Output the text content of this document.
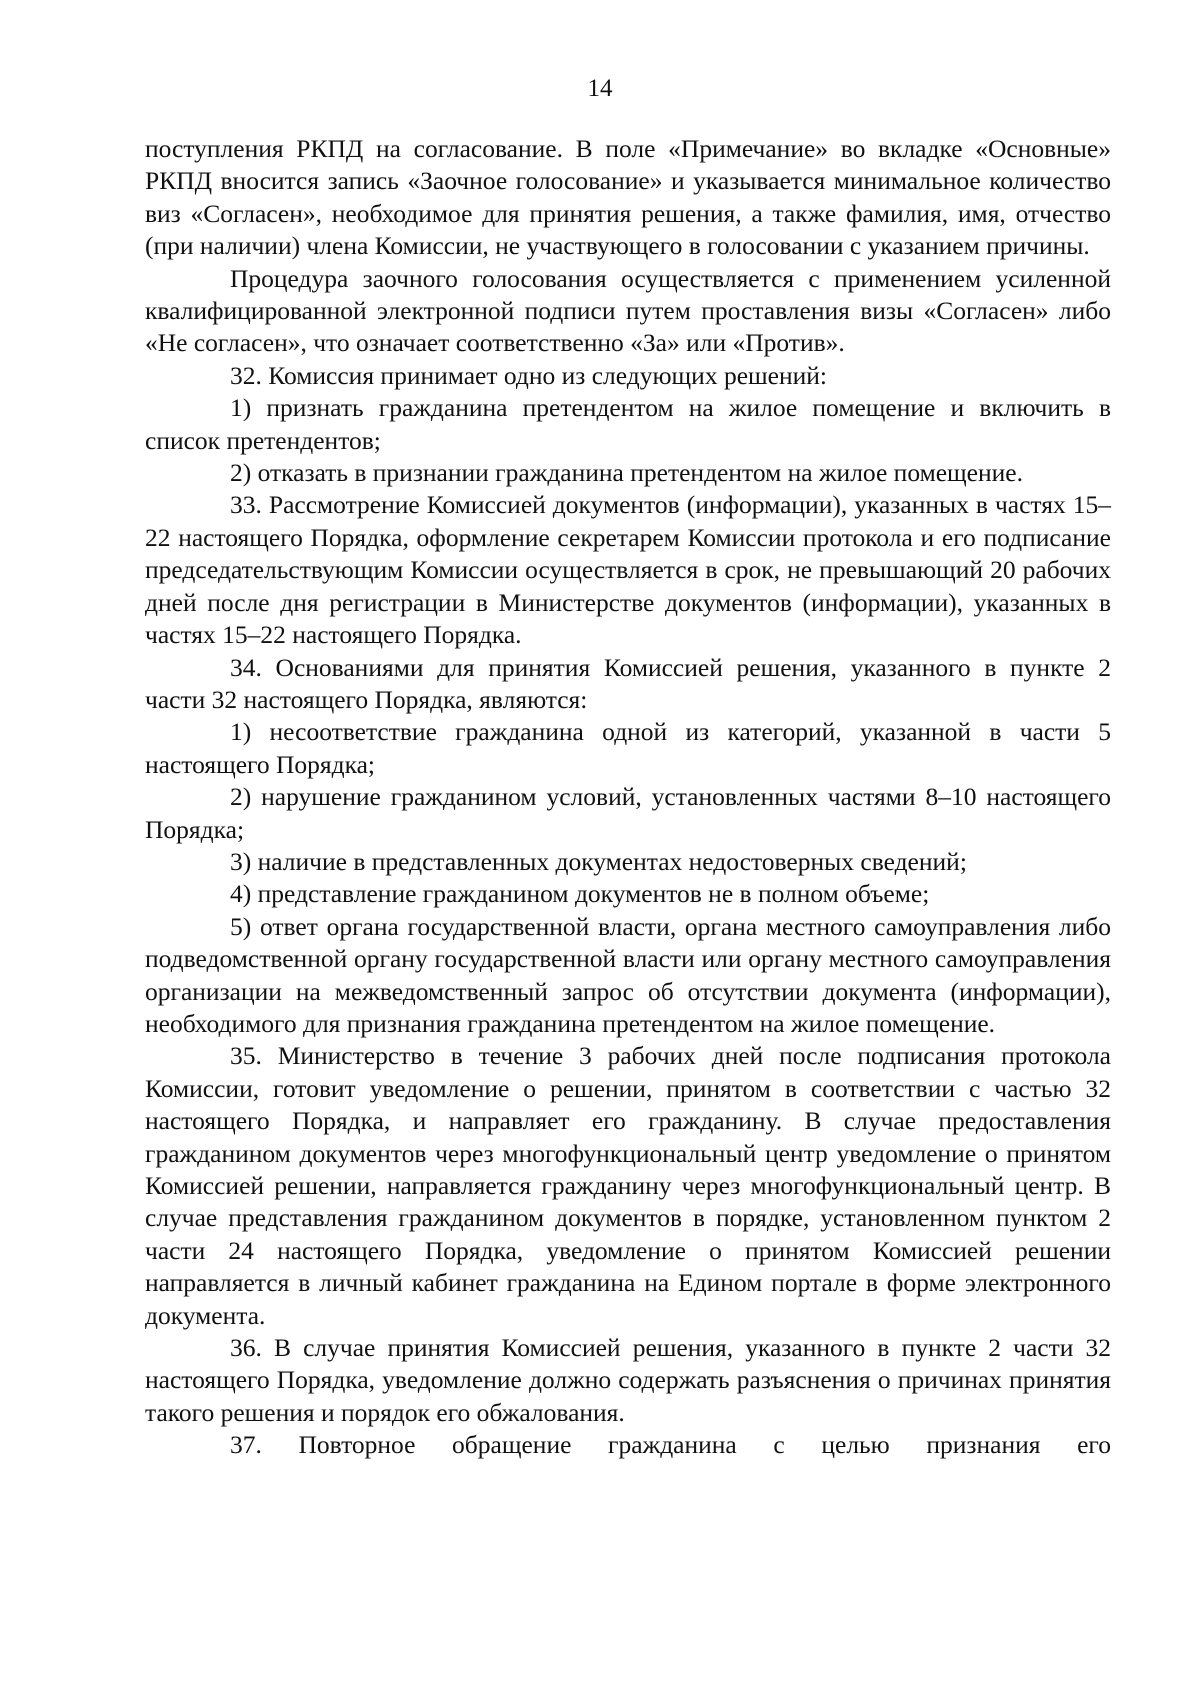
14

поступления РКПД на согласование. В поле «Примечание» во вкладке «Основные» РКПД вносится запись «Заочное голосование» и указывается минимальное количество виз «Согласен», необходимое для принятия решения, а также фамилия, имя, отчество (при наличии) члена Комиссии, не участвующего в голосовании с указанием причины.

Процедура заочного голосования осуществляется с применением усиленной квалифицированной электронной подписи путем проставления визы «Согласен» либо «Не согласен», что означает соответственно «За» или «Против».

32. Комиссия принимает одно из следующих решений:

1) признать гражданина претендентом на жилое помещение и включить в список претендентов;

2) отказать в признании гражданина претендентом на жилое помещение.

33. Рассмотрение Комиссией документов (информации), указанных в частях 15–22 настоящего Порядка, оформление секретарем Комиссии протокола и его подписание председательствующим Комиссии осуществляется в срок, не превышающий 20 рабочих дней после дня регистрации в Министерстве документов (информации), указанных в частях 15–22 настоящего Порядка.

34. Основаниями для принятия Комиссией решения, указанного в пункте 2 части 32 настоящего Порядка, являются:

1) несоответствие гражданина одной из категорий, указанной в части 5 настоящего Порядка;

2) нарушение гражданином условий, установленных частями 8–10 настоящего Порядка;

3) наличие в представленных документах недостоверных сведений;

4) представление гражданином документов не в полном объеме;

5) ответ органа государственной власти, органа местного самоуправления либо подведомственной органу государственной власти или органу местного самоуправления организации на межведомственный запрос об отсутствии документа (информации), необходимого для признания гражданина претендентом на жилое помещение.

35. Министерство в течение 3 рабочих дней после подписания протокола Комиссии, готовит уведомление о решении, принятом в соответствии с частью 32 настоящего Порядка, и направляет его гражданину. В случае предоставления гражданином документов через многофункциональный центр уведомление о принятом Комиссией решении, направляется гражданину через многофункциональный центр. В случае представления гражданином документов в порядке, установленном пунктом 2 части 24 настоящего Порядка, уведомление о принятом Комиссией решении направляется в личный кабинет гражданина на Едином портале в форме электронного документа.

36. В случае принятия Комиссией решения, указанного в пункте 2 части 32 настоящего Порядка, уведомление должно содержать разъяснения о причинах принятия такого решения и порядок его обжалования.

37. Повторное обращение гражданина с целью признания его
